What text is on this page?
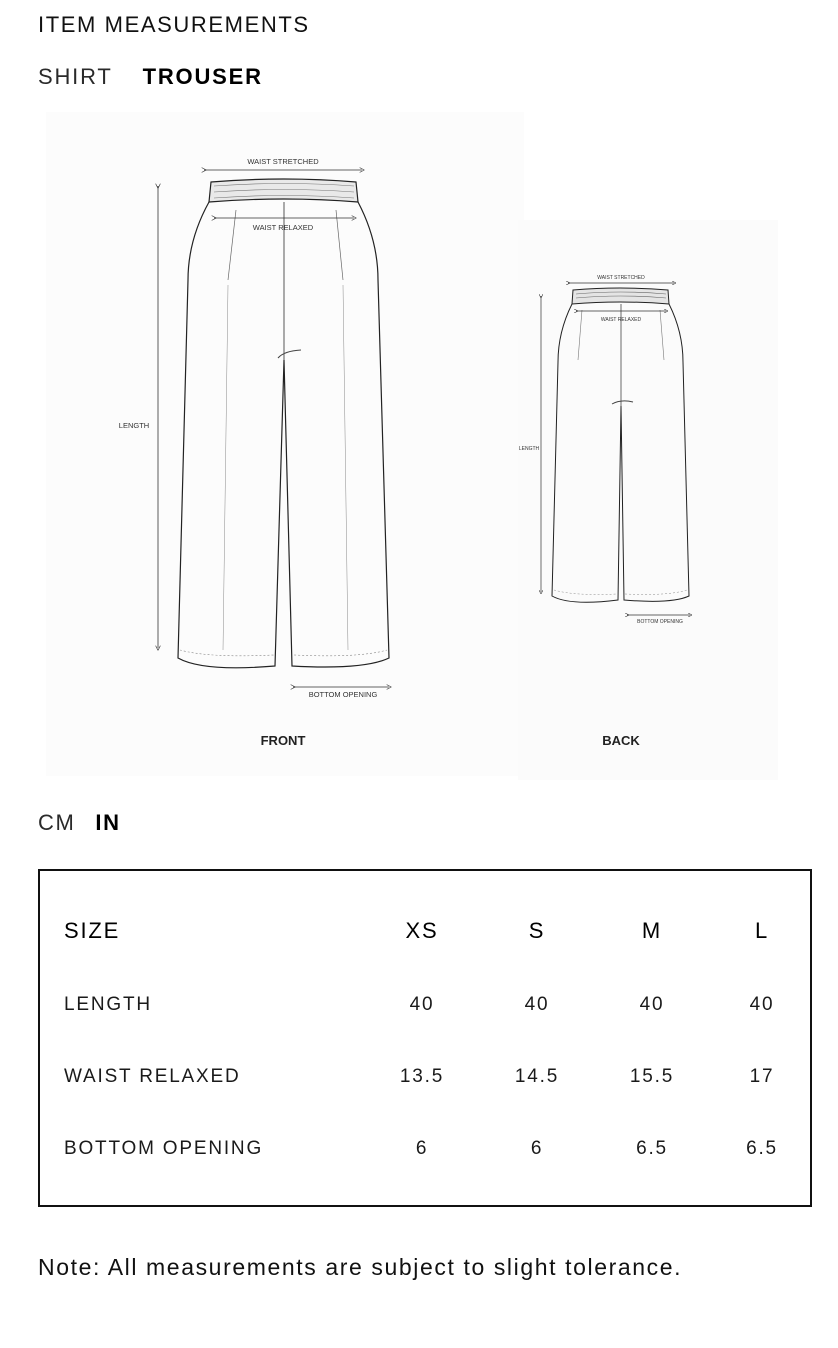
ITEM MEASUREMENTS
SHIRT TROUSER
WAIST STRETCHED
WAIST RELAXED
LENGTH
BOTTOM OPENING
FRONT
WAIST STRETCHED
WAIST RELAXED
LENGTH
BOTTOM OPENING
BACK
CM IN
SIZE	XS	S	M	L
LENGTH	40	40	40	40
WAIST RELAXED	13.5	14.5	15.5	17
BOTTOM OPENING	6	6	6.5	6.5
Note: All measurements are subject to slight tolerance.
